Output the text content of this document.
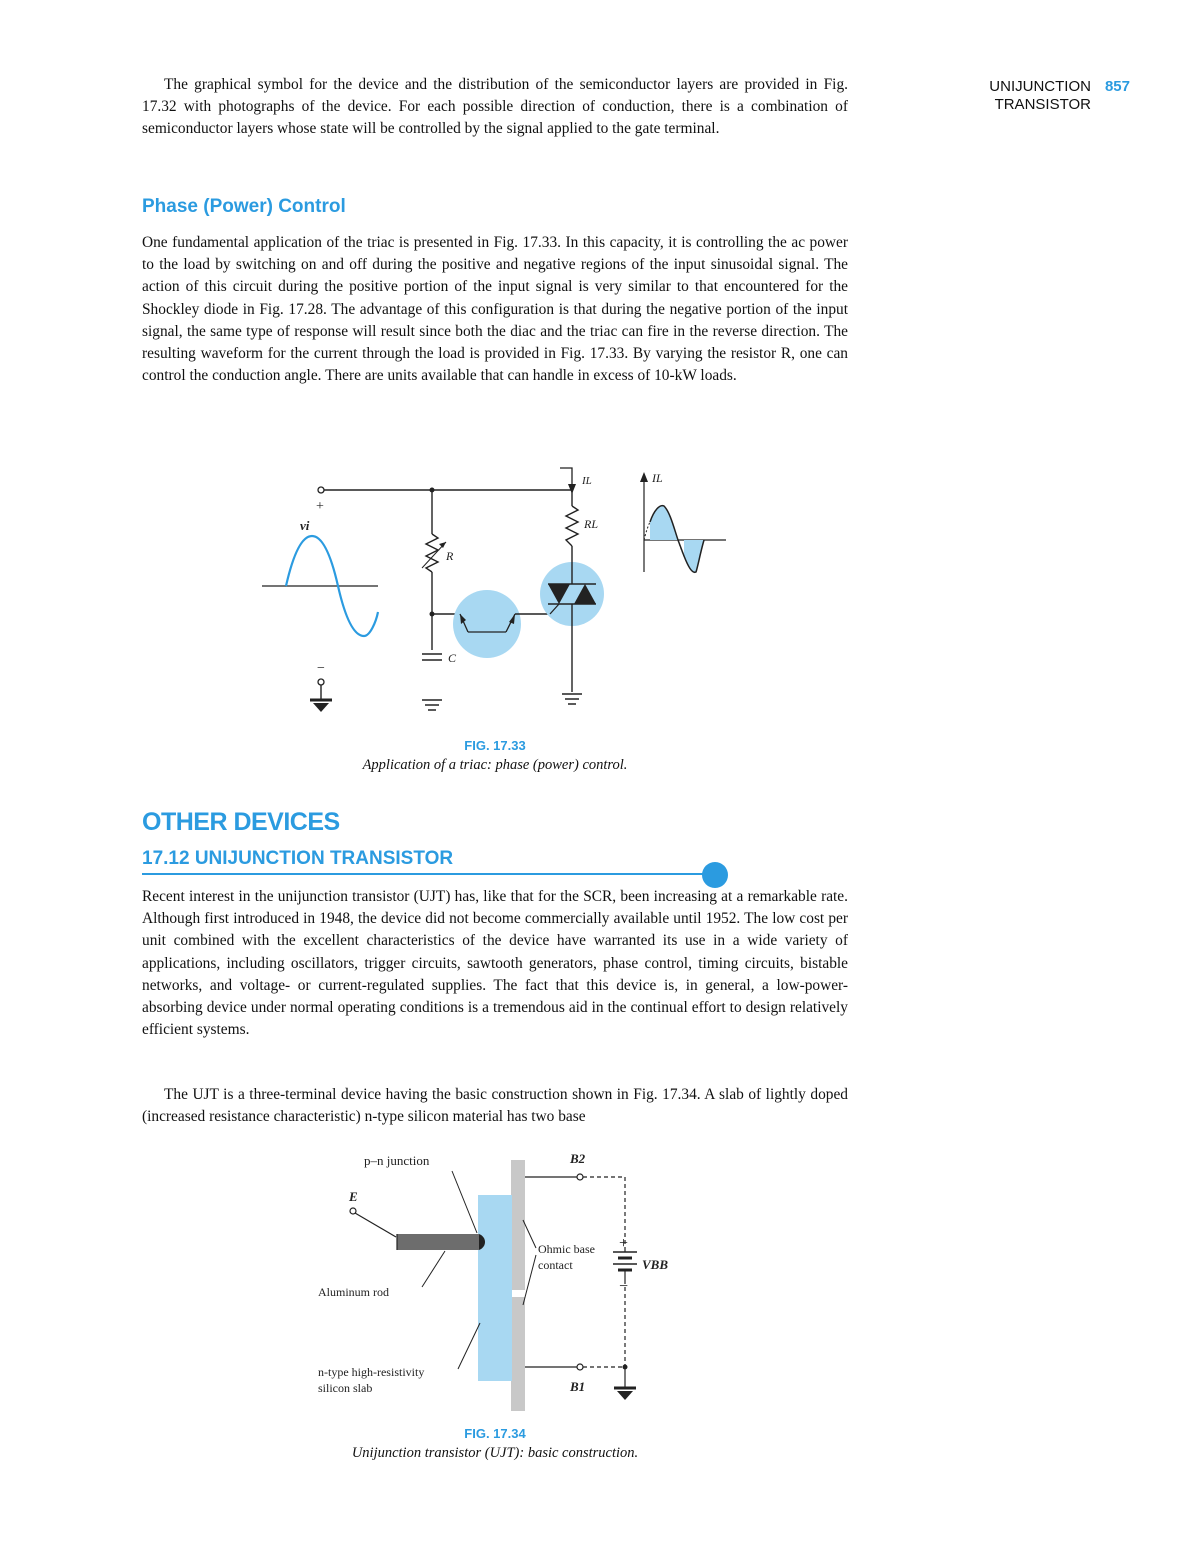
UNIJUNCTION
TRANSISTOR 857

The graphical symbol for the device and the distribution of the semiconductor layers are provided in Fig. 17.32 with photographs of the device. For each possible direction of conduction, there is a combination of semiconductor layers whose state will be controlled by the signal applied to the gate terminal.

Phase (Power) Control

One fundamental application of the triac is presented in Fig. 17.33. In this capacity, it is controlling the ac power to the load by switching on and off during the positive and negative regions of the input sinusoidal signal. The action of this circuit during the positive portion of the input signal is very similar to that encountered for the Shockley diode in Fig. 17.28. The advantage of this configuration is that during the negative portion of the input signal, the same type of response will result since both the diac and the triac can fire in the reverse direction. The resulting waveform for the current through the load is provided in Fig. 17.33. By varying the resistor R, one can control the conduction angle. There are units available that can handle in excess of 10-kW loads.

+
vi
−
R
C
IL
RL
IL

FIG. 17.33
Application of a triac: phase (power) control.

OTHER DEVICES
17.12 UNIJUNCTION TRANSISTOR

Recent interest in the unijunction transistor (UJT) has, like that for the SCR, been increasing at a remarkable rate. Although first introduced in 1948, the device did not become commercially available until 1952. The low cost per unit combined with the excellent characteristics of the device have warranted its use in a wide variety of applications, including oscillators, trigger circuits, sawtooth generators, phase control, timing circuits, bistable networks, and voltage- or current-regulated supplies. The fact that this device is, in general, a low-power-absorbing device under normal operating conditions is a tremendous aid in the continual effort to design relatively efficient systems.

The UJT is a three-terminal device having the basic construction shown in Fig. 17.34. A slab of lightly doped (increased resistance characteristic) n-type silicon material has two base

p–n junction	B2
E
B1
+
−
VBB
Ohmic base
contact
Aluminum rod
n-type high-resistivity
silicon slab

FIG. 17.34
Unijunction transistor (UJT): basic construction.
